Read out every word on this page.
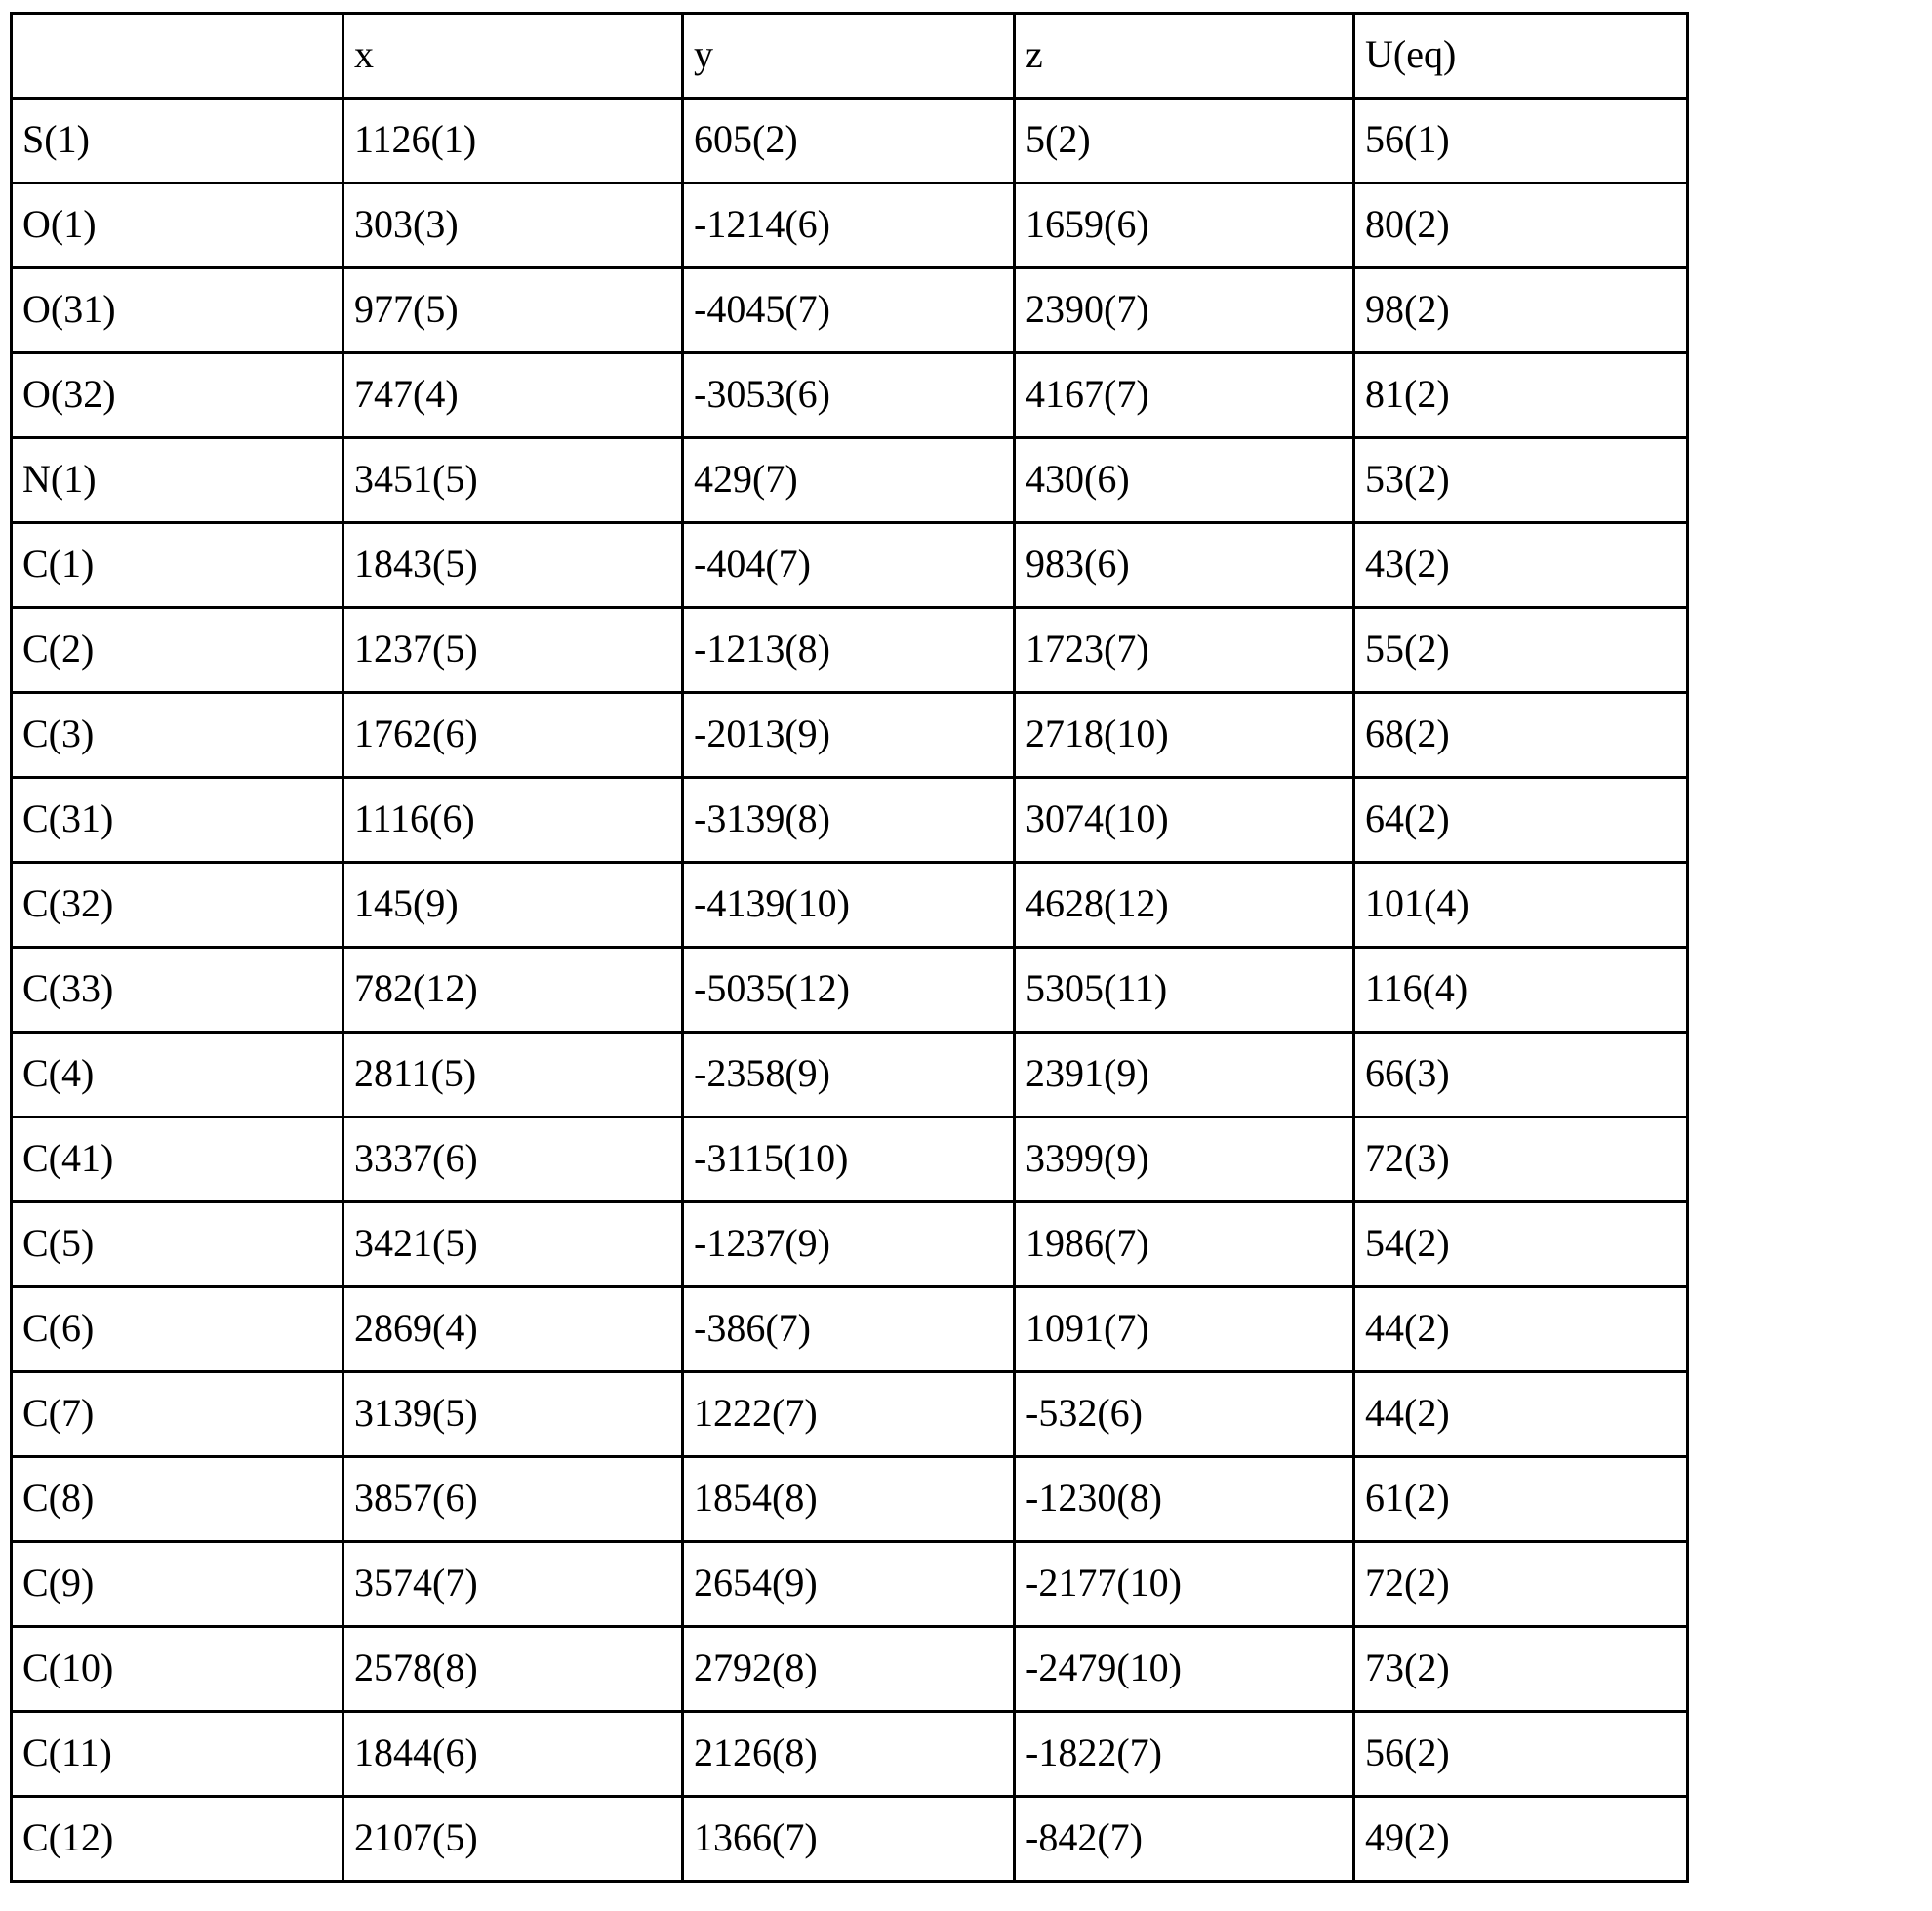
	x	y	z	U(eq)
S(1)	1126(1)	605(2)	5(2)	56(1)
O(1)	303(3)	-1214(6)	1659(6)	80(2)
O(31)	977(5)	-4045(7)	2390(7)	98(2)
O(32)	747(4)	-3053(6)	4167(7)	81(2)
N(1)	3451(5)	429(7)	430(6)	53(2)
C(1)	1843(5)	-404(7)	983(6)	43(2)
C(2)	1237(5)	-1213(8)	1723(7)	55(2)
C(3)	1762(6)	-2013(9)	2718(10)	68(2)
C(31)	1116(6)	-3139(8)	3074(10)	64(2)
C(32)	145(9)	-4139(10)	4628(12)	101(4)
C(33)	782(12)	-5035(12)	5305(11)	116(4)
C(4)	2811(5)	-2358(9)	2391(9)	66(3)
C(41)	3337(6)	-3115(10)	3399(9)	72(3)
C(5)	3421(5)	-1237(9)	1986(7)	54(2)
C(6)	2869(4)	-386(7)	1091(7)	44(2)
C(7)	3139(5)	1222(7)	-532(6)	44(2)
C(8)	3857(6)	1854(8)	-1230(8)	61(2)
C(9)	3574(7)	2654(9)	-2177(10)	72(2)
C(10)	2578(8)	2792(8)	-2479(10)	73(2)
C(11)	1844(6)	2126(8)	-1822(7)	56(2)
C(12)	2107(5)	1366(7)	-842(7)	49(2)
